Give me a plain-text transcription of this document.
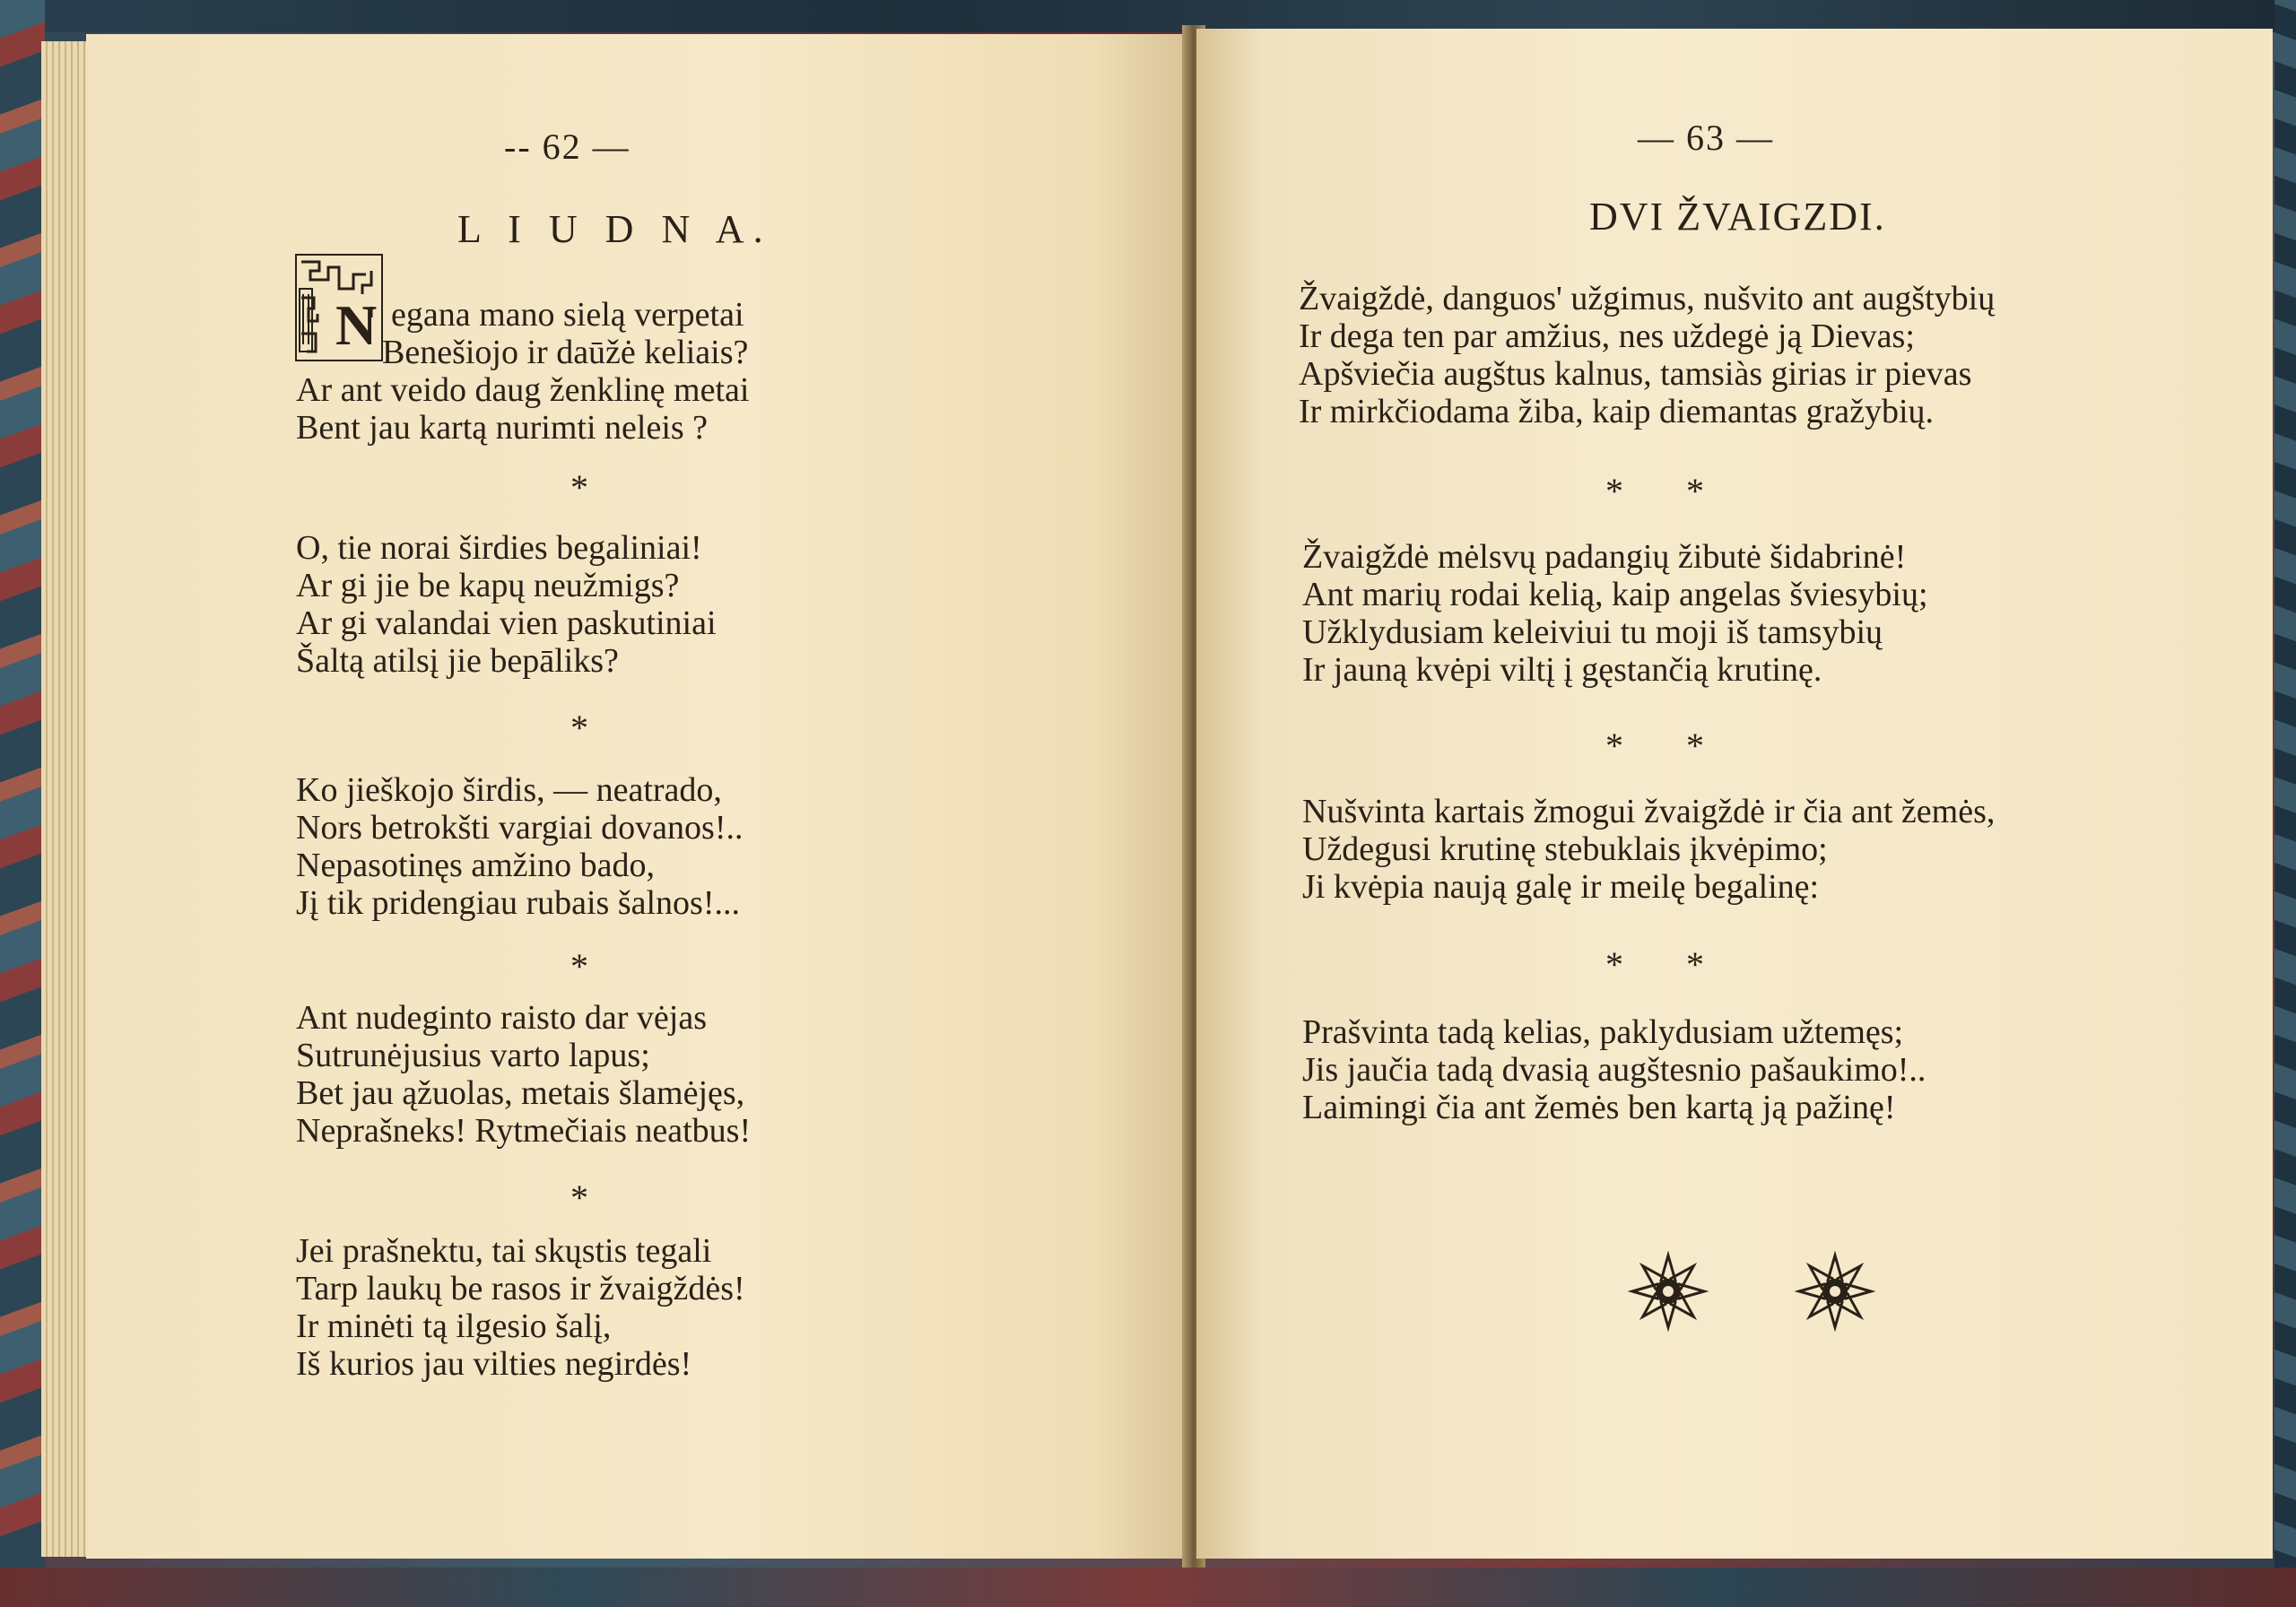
-- 62 —
L I U D N A.
N egana mano sielą verpetai
Benešiojo ir daūžė keliais?
Ar ant veido daug ženklinę metai
Bent jau kartą nurimti neleis ?
*
O, tie norai širdies begaliniai!
Ar gi jie be kapų neužmigs?
Ar gi valandai vien paskutiniai
Šaltą atilsį jie bepāliks?
*
Ko jieškojo širdis, — neatrado,
Nors betrokšti vargiai dovanos!..
Nepasotinęs amžino bado,
Jį tik pridengiau rubais šalnos!...
*
Ant nudeginto raisto dar vėjas
Sutrunėjusius varto lapus;
Bet jau ąžuolas, metais šlamėjęs,
Neprašneks! Rytmečiais neatbus!
*
Jei prašnektu, tai skųstis tegali
Tarp laukų be rasos ir žvaigždės!
Ir minėti tą ilgesio šalį,
Iš kurios jau vilties negirdės!
— 63 —
DVI ŽVAIGZDI.
Žvaigždė, danguos' užgimus, nušvito ant augštybių
Ir dega ten par amžius, nes uždegė ją Dievas;
Apšviečia augštus kalnus, tamsiàs girias ir pievas
Ir mirkčiodama žiba, kaip diemantas gražybių.
*       *
Žvaigždė mėlsvų padangių žibutė šidabrinė!
Ant marių rodai kelią, kaip angelas šviesybių;
Užklydusiam keleiviui tu moji iš tamsybių
Ir jauną kvėpi viltį į gęstančią krutinę.
*       *
Nušvinta kartais žmogui žvaigždė ir čia ant žemės,
Uždegusi krutinę stebuklais įkvėpimo;
Ji kvėpia naują galę ir meilę begalinę:
*       *
Prašvinta tadą kelias, paklydusiam užtemęs;
Jis jaučia tadą dvasią augštesnio pašaukimo!..
Laimingi čia ant žemės ben kartą ją pažinę!
